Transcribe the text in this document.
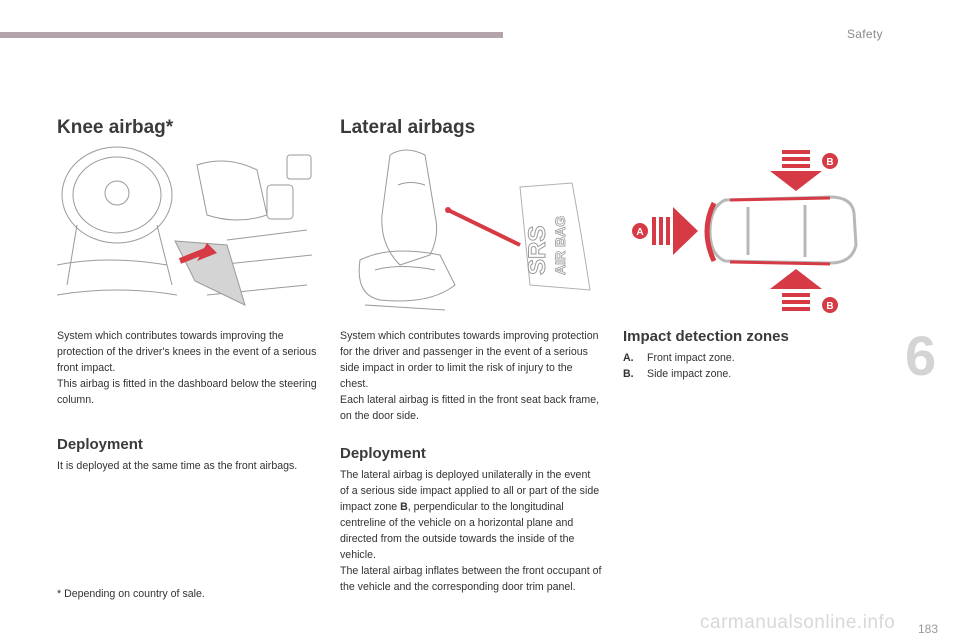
Safety
6
Knee airbag*

System which contributes towards improving the protection of the driver's knees in the event of a serious front impact.

This airbag is fitted in the dashboard below the steering column.

Deployment
It is deployed at the same time as the front airbags.
* Depending on country of sale.
Lateral airbags
SRS AIR BAG

System which contributes towards improving protection for the driver and passenger in the event of a serious side impact in order to limit the risk of injury to the chest.

Each lateral airbag is fitted in the front seat back frame, on the door side.

Deployment

The lateral airbag is deployed unilaterally in the event of a serious side impact applied to all or part of the side impact zone B, perpendicular to the longitudinal centreline of the vehicle on a horizontal plane and directed from the outside towards the inside of the vehicle.

The lateral airbag inflates between the front occupant of the vehicle and the corresponding door trim panel.

A
B
B
Impact detection zones
A.	Front impact zone.
B.	Side impact zone.
carmanualsonline.info 183
